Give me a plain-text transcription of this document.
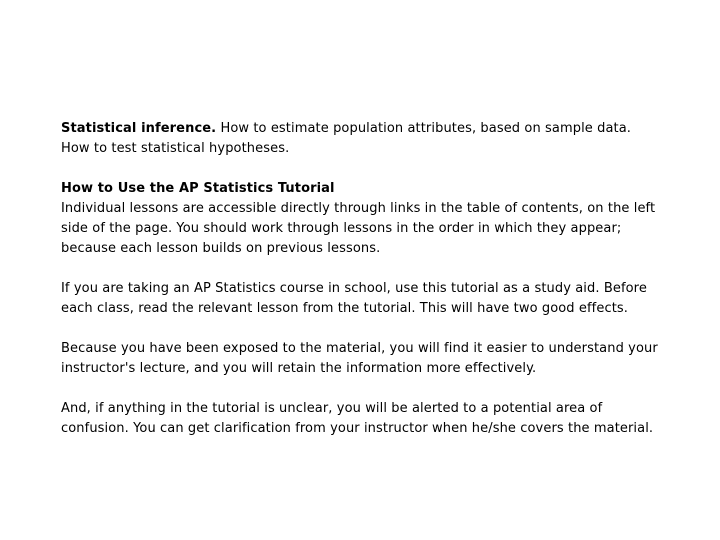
Statistical inference. How to estimate population attributes, based on sample data. How to test statistical hypotheses.

How to Use the AP Statistics Tutorial
Individual lessons are accessible directly through links in the table of contents, on the left side of the page. You should work through lessons in the order in which they appear; because each lesson builds on previous lessons.

If you are taking an AP Statistics course in school, use this tutorial as a study aid. Before each class, read the relevant lesson from the tutorial. This will have two good effects.

Because you have been exposed to the material, you will find it easier to understand your instructor's lecture, and you will retain the information more effectively.

And, if anything in the tutorial is unclear, you will be alerted to a potential area of confusion. You can get clarification from your instructor when he/she covers the material.
